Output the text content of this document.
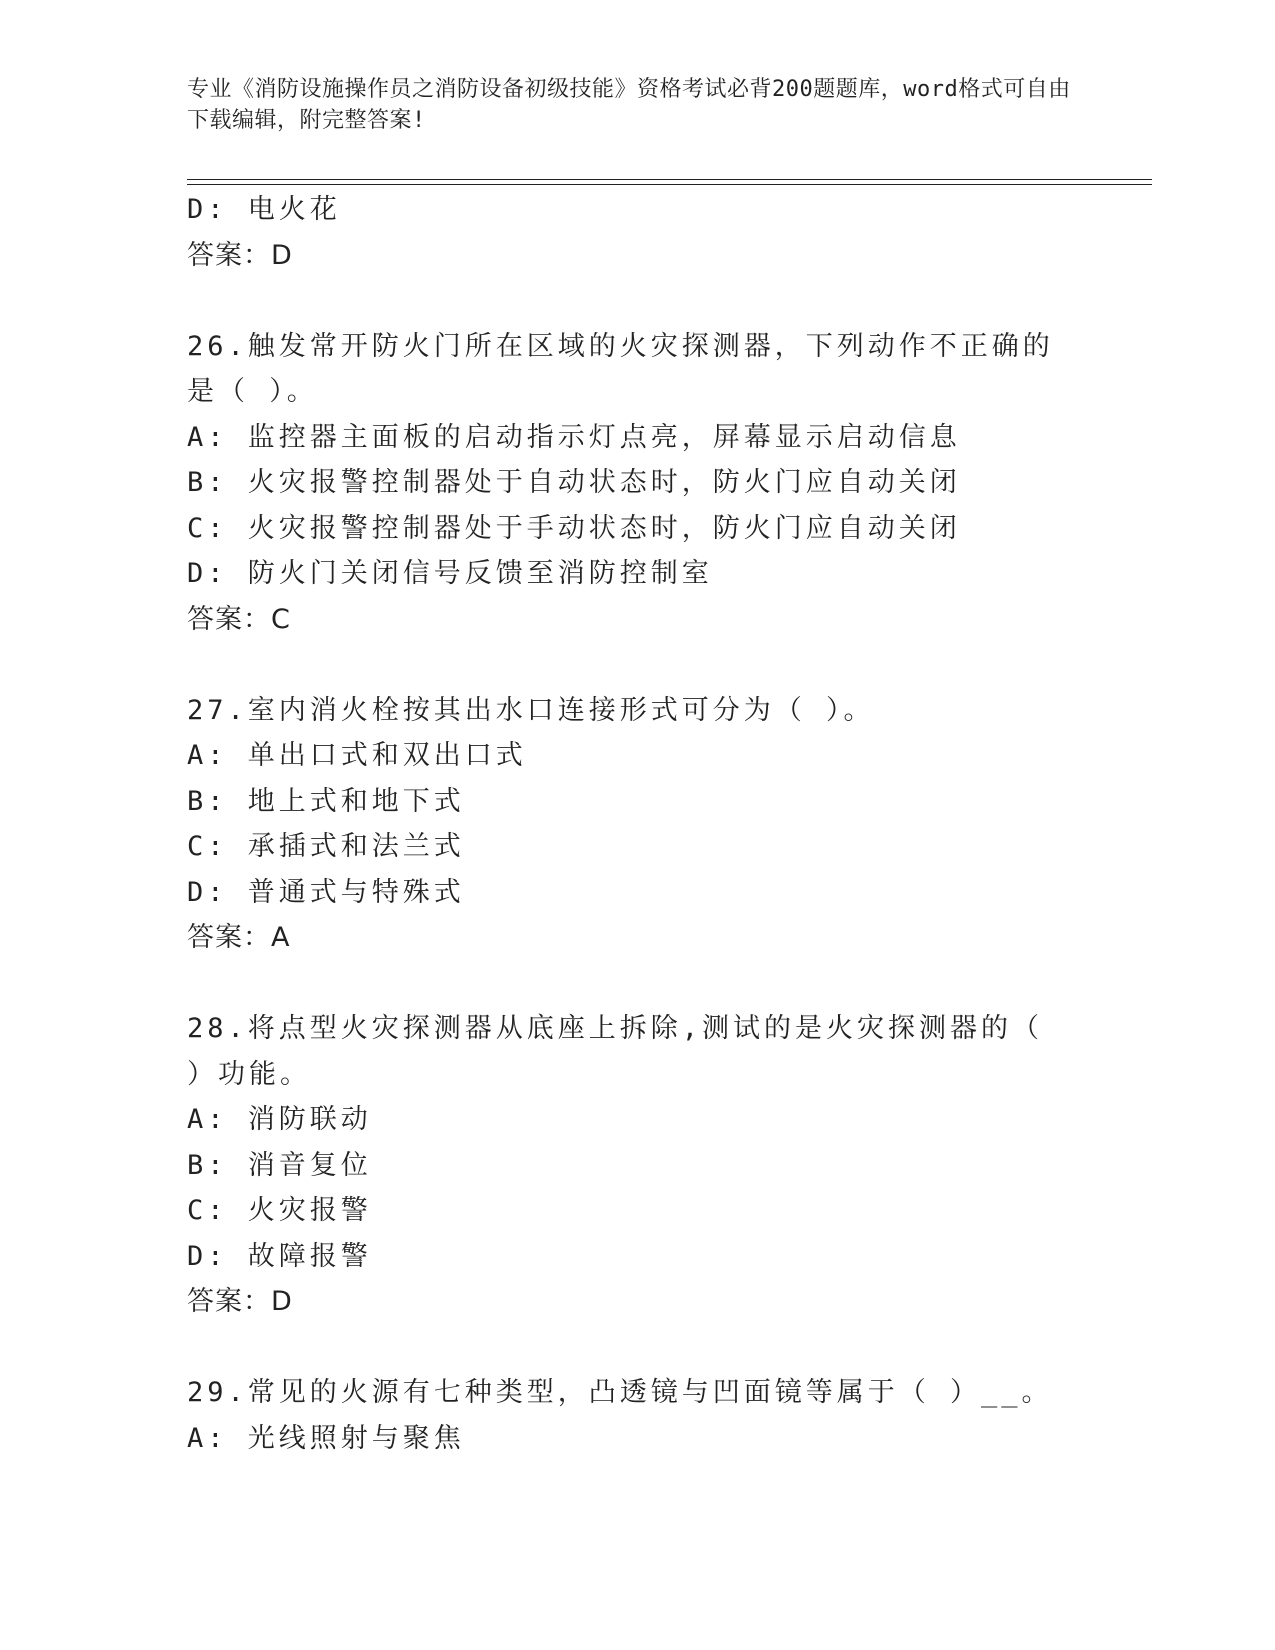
专业《消防设施操作员之消防设备初级技能》资格考试必背200题题库，word格式可自由下载编辑，附完整答案!
D: 电火花
答案：D
26.触发常开防火门所在区域的火灾探测器，下列动作不正确的是（ ）。
A: 监控器主面板的启动指示灯点亮，屏幕显示启动信息
B: 火灾报警控制器处于自动状态时，防火门应自动关闭
C: 火灾报警控制器处于手动状态时，防火门应自动关闭
D: 防火门关闭信号反馈至消防控制室
答案：C
27.室内消火栓按其出水口连接形式可分为（ ）。
A: 单出口式和双出口式
B: 地上式和地下式
C: 承插式和法兰式
D: 普通式与特殊式
答案：A
28.将点型火灾探测器从底座上拆除,测试的是火灾探测器的（ ）功能。
A: 消防联动
B: 消音复位
C: 火灾报警
D: 故障报警
答案：D
29.常见的火源有七种类型，凸透镜与凹面镜等属于（ ）__。
A: 光线照射与聚焦
